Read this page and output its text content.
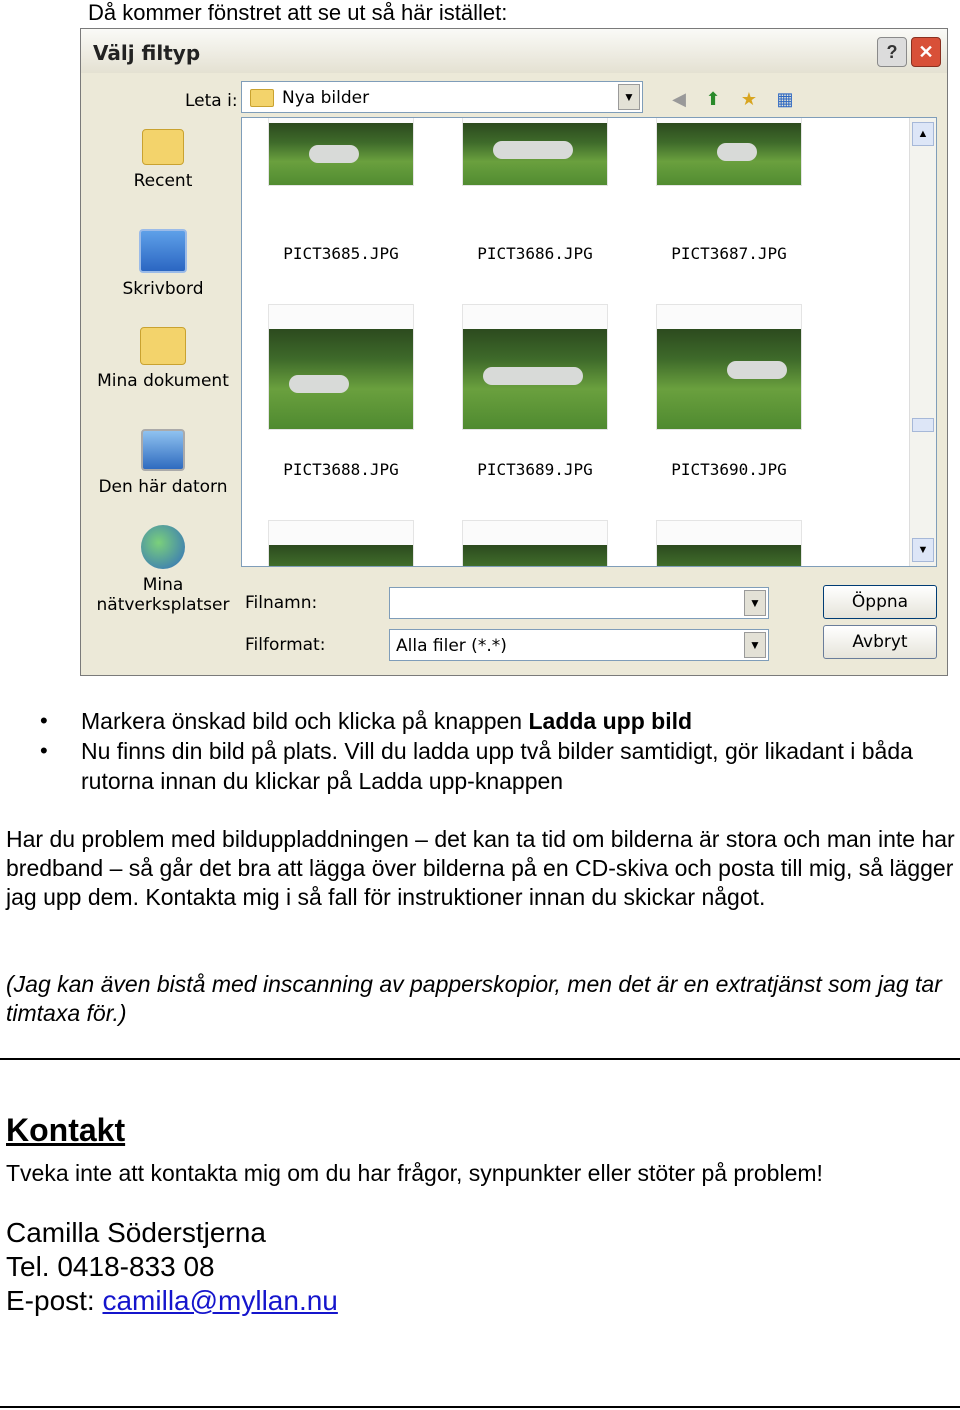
Då kommer fönstret att se ut så här istället:
Välj filtyp	?	✕
Leta i:	Nya bilder	▼ ◀ ⬆ ★ ▦
Recent
Skrivbord
Mina dokument
Den här datorn
Mina nätverksplatser
PICT3685.JPG	PICT3686.JPG	PICT3687.JPG
PICT3688.JPG	PICT3689.JPG	PICT3690.JPG
▲
▼
Filnamn:	▼
Filformat:	Alla filer (*.*)	▼
Öppna
Avbryt
• Markera önskad bild och klicka på knappen Ladda upp bild
• Nu finns din bild på plats. Vill du ladda upp två bilder samtidigt, gör likadant i båda rutorna innan du klickar på Ladda upp-knappen

Har du problem med bilduppladdningen – det kan ta tid om bilderna är stora och man inte har bredband – så går det bra att lägga över bilderna på en CD-skiva och posta till mig, så lägger jag upp dem. Kontakta mig i så fall för instruktioner innan du skickar något.

(Jag kan även bistå med inscanning av papperskopior, men det är en extratjänst som jag tar timtaxa för.)

Kontakt

Tveka inte att kontakta mig om du har frågor, synpunkter eller stöter på problem!

Camilla Söderstjerna
Tel. 0418-833 08
E-post: camilla@myllan.nu
